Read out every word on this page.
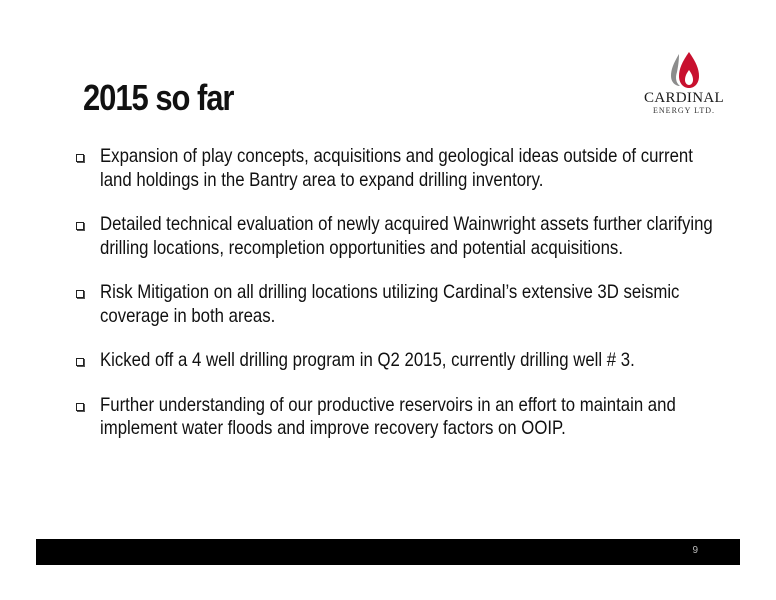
2015 so far	CARDINAL
ENERGY LTD.
Expansion of play concepts, acquisitions and geological ideas outside of current land holdings in the Bantry area to expand drilling inventory.
Detailed technical evaluation of newly acquired Wainwright assets further clarifying drilling locations, recompletion opportunities and potential acquisitions.
Risk Mitigation on all drilling locations utilizing Cardinal’s extensive 3D seismic coverage in both areas.
Kicked off a 4 well drilling program in Q2 2015, currently drilling well # 3.
Further understanding of our productive reservoirs in an effort to maintain and implement water floods and improve recovery factors on OOIP.
9
